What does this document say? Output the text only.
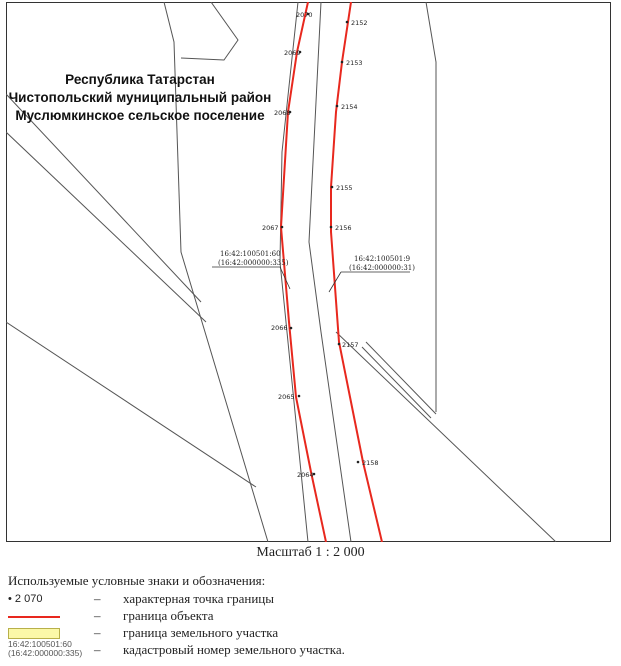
2070
2069
2068
2067
2066
2065
2064
2152
2153
2154
2155
2156
2157
2158
16:42:100501:60
(16:42:000000:335)	16:42:100501:9
(16:42:000000:31)
Республика Татарстан
Чистопольский муниципальный район
Муслюмкинское сельское поселение
Масштаб 1 : 2 000
Используемые условные знаки и обозначения:
• 2 070	– характерная точка границы
– граница объекта
– граница земельного участка
16:42:100501:60
(16:42:000000:335) – кадастровый номер земельного участка.
